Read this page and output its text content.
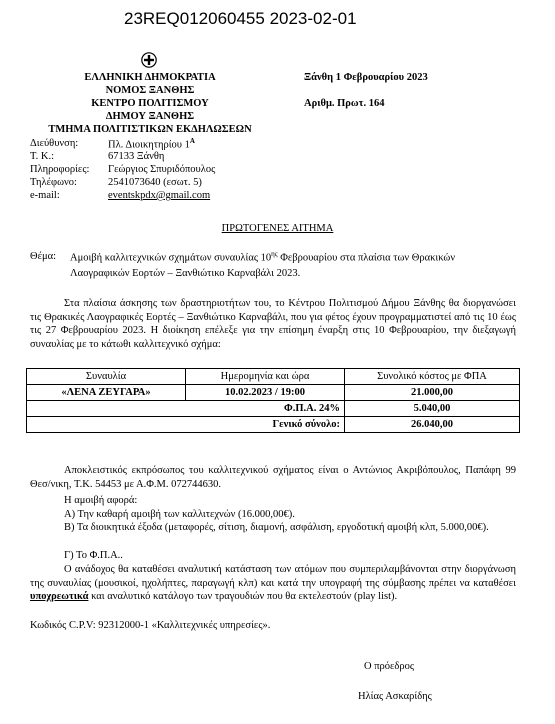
23REQ012060455 2023-02-01
ΕΛΛΗΝΙΚΗ ΔΗΜΟΚΡΑΤΙΑ
ΝΟΜΟΣ ΞΑΝΘΗΣ
ΚΕΝΤΡΟ ΠΟΛΙΤΙΣΜΟΥ
ΔΗΜΟΥ ΞΑΝΘΗΣ
ΤΜΗΜΑ ΠΟΛΙΤΙΣΤΙΚΩΝ ΕΚΔΗΛΩΣΕΩΝ
Ξάνθη 1 Φεβρουαρίου 2023
Αριθμ. Πρωτ. 164
Διεύθυνση:	Πλ. Διοικητηρίου $1^A$
Τ. Κ.:	67133 Ξάνθη
Πληροφορίες: Γεώργιος Σπυριδόπουλος
Τηλέφωνο:	2541073640 (εσωτ. 5)
e-mail:	eventskpdx@gmail.com
ΠΡΩΤΟΓΕΝΕΣ ΑΙΤΗΜΑ
Θέμα: Αμοιβή καλλιτεχνικών σχημάτων συναυλίας $10^{\eta\varsigma}$ Φεβρουαρίου στα πλαίσια των Θρακικών
Λαογραφικών Εορτών – Ξανθιώτικο Καρναβάλι 2023.
Στα πλαίσια άσκησης των δραστηριοτήτων του, το Κέντρου Πολιτισμού Δήμου Ξάνθης θα διοργανώσει τις Θρακικές Λαογραφικές Εορτές – Ξανθιώτικο Καρναβάλι, που για φέτος έχουν προγραμματιστεί από τις 10 έως τις 27 Φεβρουαρίου 2023. Η διοίκηση επέλεξε για την επίσημη έναρξη στις 10 Φεβρουαρίου, την διεξαγωγή συναυλίας με το κάτωθι καλλιτεχνικό σχήμα:
Συναυλία	Ημερομηνία και ώρα	Συνολικό κόστος με ΦΠΑ
«ΛΕΝΑ ΖΕΥΓΑΡΑ»	10.02.2023 / 19:00	21.000,00
Φ.Π.Α. 24%		5.040,00
Γενικό σύνολο:		26.040,00
Αποκλειστικός εκπρόσωπος του καλλιτεχνικού σχήματος είναι ο Αντώνιος Ακριβόπουλος, Παπάφη 99 Θεσ/νικη, Τ.Κ. 54453 με Α.Φ.Μ. 072744630.
Η αμοιβή αφορά:
Α) Την καθαρή αμοιβή των καλλιτεχνών (16.000,00€).
Β) Τα διοικητικά έξοδα (μεταφορές, σίτιση, διαμονή, ασφάλιση, εργοδοτική αμοιβή κλπ, 5.000,00€).
Γ) Το Φ.Π.Α..
Ο ανάδοχος θα καταθέσει αναλυτική κατάσταση των ατόμων που συμπεριλαμβάνονται στην διοργάνωση της συναυλίας (μουσικοί, ηχολήπτες, παραγωγή κλπ) και κατά την υπογραφή της σύμβασης πρέπει να καταθέσει υποχρεωτικά και αναλυτικό κατάλογο των τραγουδιών που θα εκτελεστούν (play list).
Κωδικός C.P.V: 92312000-1 «Καλλιτεχνικές υπηρεσίες».
Ο πρόεδρος
Ηλίας Ασκαρίδης
